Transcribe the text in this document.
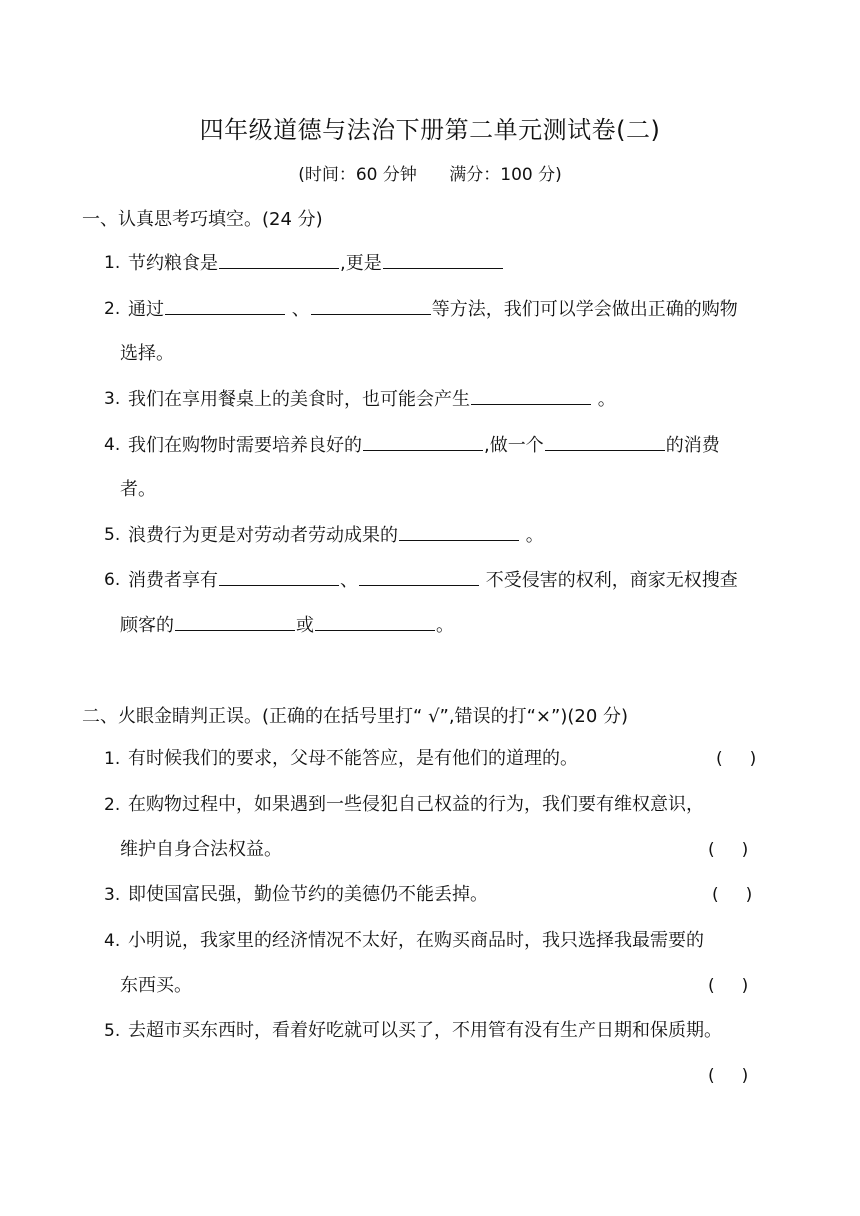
四年级道德与法治下册第二单元测试卷(二)
(时间：60 分钟      满分：100 分)
一、认真思考巧填空。(24 分)
1. 节约粮食是	,更是
2. 通过	、	等方法，我们可以学会做出正确的购物
选择。
3. 我们在享用餐桌上的美食时，也可能会产生	。
4. 我们在购物时需要培养良好的	,做一个	的消费
者。
5. 浪费行为更是对劳动者劳动成果的	。
6. 消费者享有	、	不受侵害的权利，商家无权搜查
顾客的	或	。
二、火眼金睛判正误。(正确的在括号里打“ √”,错误的打“×”)(20 分)
1. 有时候我们的要求，父母不能答应，是有他们的道理的。	(     )
2. 在购物过程中，如果遇到一些侵犯自己权益的行为，我们要有维权意识，
维护自身合法权益。	(     )
3. 即使国富民强，勤俭节约的美德仍不能丢掉。	(     )
4. 小明说，我家里的经济情况不太好，在购买商品时，我只选择我最需要的
东西买。	(     )
5. 去超市买东西时，看着好吃就可以买了，不用管有没有生产日期和保质期。
(     )
